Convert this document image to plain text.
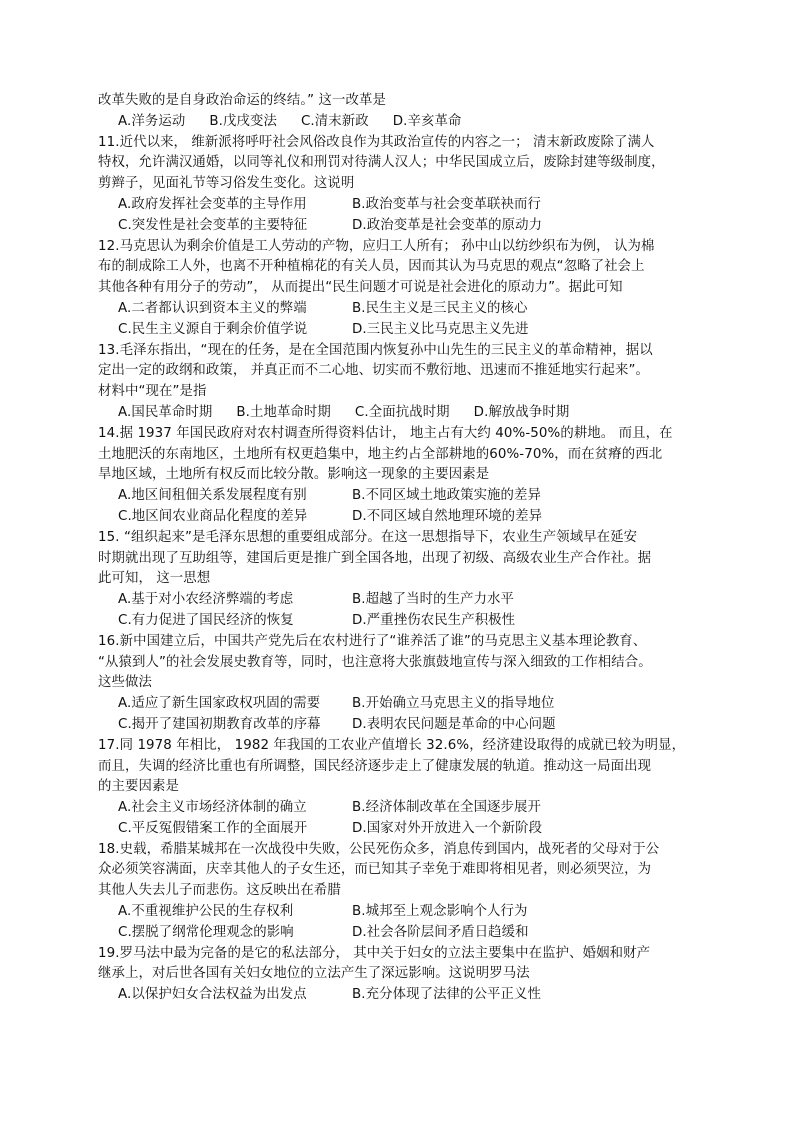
改革失败的是自身政治命运的终结。” 这一改革是
A.洋务运动 B.戊戌变法 C.清末新政 D.辛亥革命
11.近代以来， 维新派将呼吁社会风俗改良作为其政治宣传的内容之一； 清末新政废除了满人
特权，允许满汉通婚，以同等礼仪和刑罚对待满人汉人；中华民国成立后，废除封建等级制度，
剪辫子，见面礼节等习俗发生变化。这说明
A.政府发挥社会变革的主导作用	B.政治变革与社会变革联袂而行
C.突发性是社会变革的主要特征	D.政治变革是社会变革的原动力
12.马克思认为剩余价值是工人劳动的产物，应归工人所有； 孙中山以纺纱织布为例， 认为棉
布的制成除工人外，也离不开种植棉花的有关人员，因而其认为马克思的观点“忽略了社会上
其他各种有用分子的劳动”， 从而提出“民生问题才可说是社会进化的原动力”。据此可知
A.二者都认识到资本主义的弊端	B.民生主义是三民主义的核心
C.民生主义源自于剩余价值学说	D.三民主义比马克思主义先进
13.毛泽东指出，“现在的任务，是在全国范围内恢复孙中山先生的三民主义的革命精神，据以
定出一定的政纲和政策， 并真正而不二心地、切实而不敷衍地、迅速而不推延地实行起来”。
材料中“现在”是指
A.国民革命时期 B.土地革命时期 C.全面抗战时期 D.解放战争时期
14.据 1937 年国民政府对农村调查所得资料估计， 地主占有大约 40%-50%的耕地。 而且，在
土地肥沃的东南地区，土地所有权更趋集中，地主约占全部耕地的60%-70%，而在贫瘠的西北
旱地区域，土地所有权反而比较分散。影响这一现象的主要因素是
A.地区间租佃关系发展程度有别	B.不同区域土地政策实施的差异
C.地区间农业商品化程度的差异	D.不同区域自然地理环境的差异
15. “组织起来”是毛泽东思想的重要组成部分。在这一思想指导下，农业生产领域早在延安
时期就出现了互助组等，建国后更是推广到全国各地，出现了初级、高级农业生产合作社。据
此可知， 这一思想
A.基于对小农经济弊端的考虑	B.超越了当时的生产力水平
C.有力促进了国民经济的恢复	D.严重挫伤农民生产积极性
16.新中国建立后，中国共产党先后在农村进行了“谁养活了谁”的马克思主义基本理论教育、
“从猿到人”的社会发展史教育等，同时，也注意将大张旗鼓地宣传与深入细致的工作相结合。
这些做法
A.适应了新生国家政权巩固的需要	B.开始确立马克思主义的指导地位
C.揭开了建国初期教育改革的序幕	D.表明农民问题是革命的中心问题
17.同 1978 年相比， 1982 年我国的工农业产值增长 32.6%，经济建设取得的成就已较为明显，
而且，失调的经济比重也有所调整，国民经济逐步走上了健康发展的轨道。推动这一局面出现
的主要因素是
A.社会主义市场经济体制的确立	B.经济体制改革在全国逐步展开
C.平反冤假错案工作的全面展开	D.国家对外开放进入一个新阶段
18.史载，希腊某城邦在一次战役中失败，公民死伤众多，消息传到国内，战死者的父母对于公
众必须笑容满面，庆幸其他人的子女生还，而已知其子幸免于难即将相见者，则必须哭泣，为
其他人失去儿子而悲伤。这反映出在希腊
A.不重视维护公民的生存权利	B.城邦至上观念影响个人行为
C.摆脱了纲常伦理观念的影响	D.社会各阶层间矛盾日趋缓和
19.罗马法中最为完备的是它的私法部分， 其中关于妇女的立法主要集中在监护、婚姻和财产
继承上，对后世各国有关妇女地位的立法产生了深远影响。这说明罗马法
A.以保护妇女合法权益为出发点	B.充分体现了法律的公平正义性
